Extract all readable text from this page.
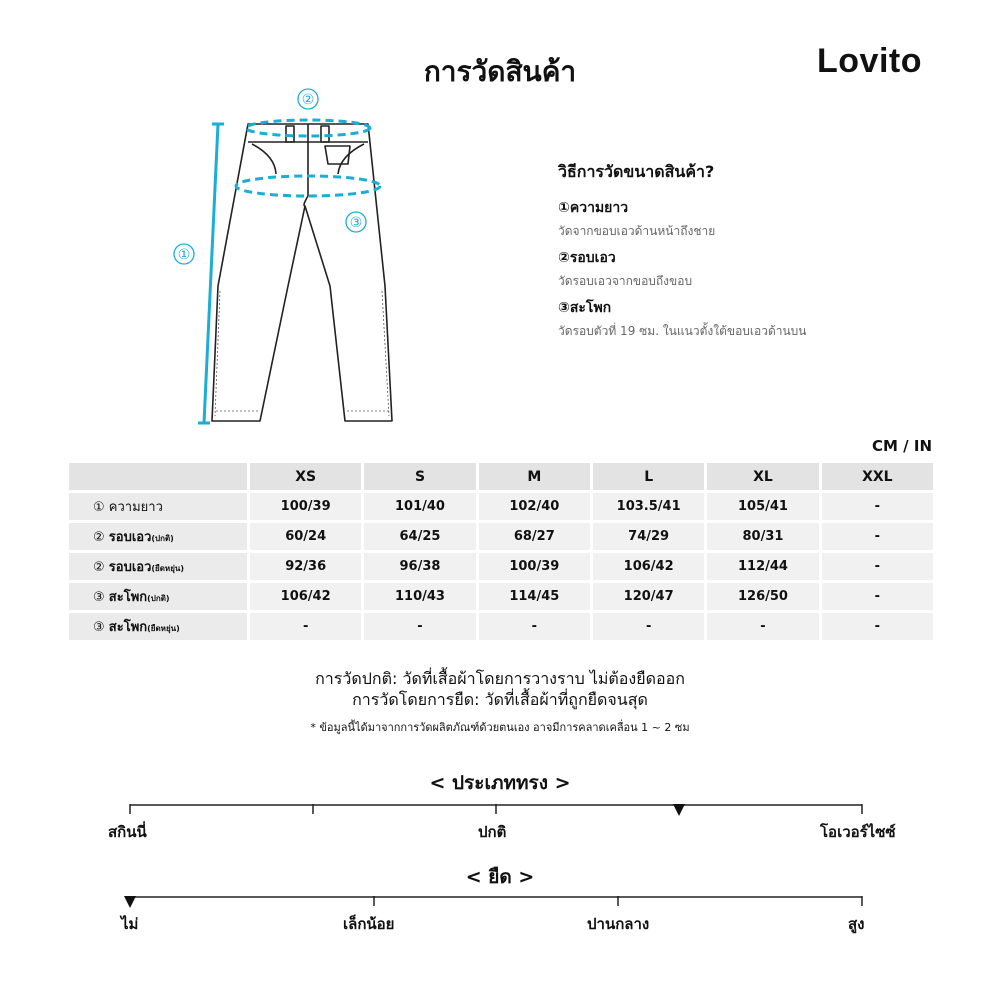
การวัดสินค้า	Lovito
②
③
①
วิธีการวัดขนาดสินค้า?
①ความยาว
วัดจากขอบเอวด้านหน้าถึงชาย
②รอบเอว
วัดรอบเอวจากขอบถึงขอบ
③สะโพก
วัดรอบตัวที่ 19 ซม. ในแนวตั้งใต้ขอบเอวด้านบน
CM / IN
	XS	S	M	L	XL	XXL
① ความยาว	100/39	101/40	102/40	103.5/41	105/41	-
② รอบเอว(ปกติ)	60/24	64/25	68/27	74/29	80/31	-
② รอบเอว(ยืดหยุ่น)	92/36	96/38	100/39	106/42	112/44	-
③ สะโพก(ปกติ)	106/42	110/43	114/45	120/47	126/50	-
③ สะโพก(ยืดหยุ่น)	-	-	-	-	-	-
การวัดปกติ: วัดที่เสื้อผ้าโดยการวางราบ ไม่ต้องยืดออก
การวัดโดยการยืด: วัดที่เสื้อผ้าที่ถูกยืดจนสุด
* ข้อมูลนี้ได้มาจากการวัดผลิตภัณฑ์ด้วยตนเอง อาจมีการคลาดเคลื่อน 1 ~ 2 ซม
< ประเภททรง >
สกินนี่	ปกติ	โอเวอร์ไซซ์
< ยืด >
ไม่	เล็กน้อย	ปานกลาง	สูง
